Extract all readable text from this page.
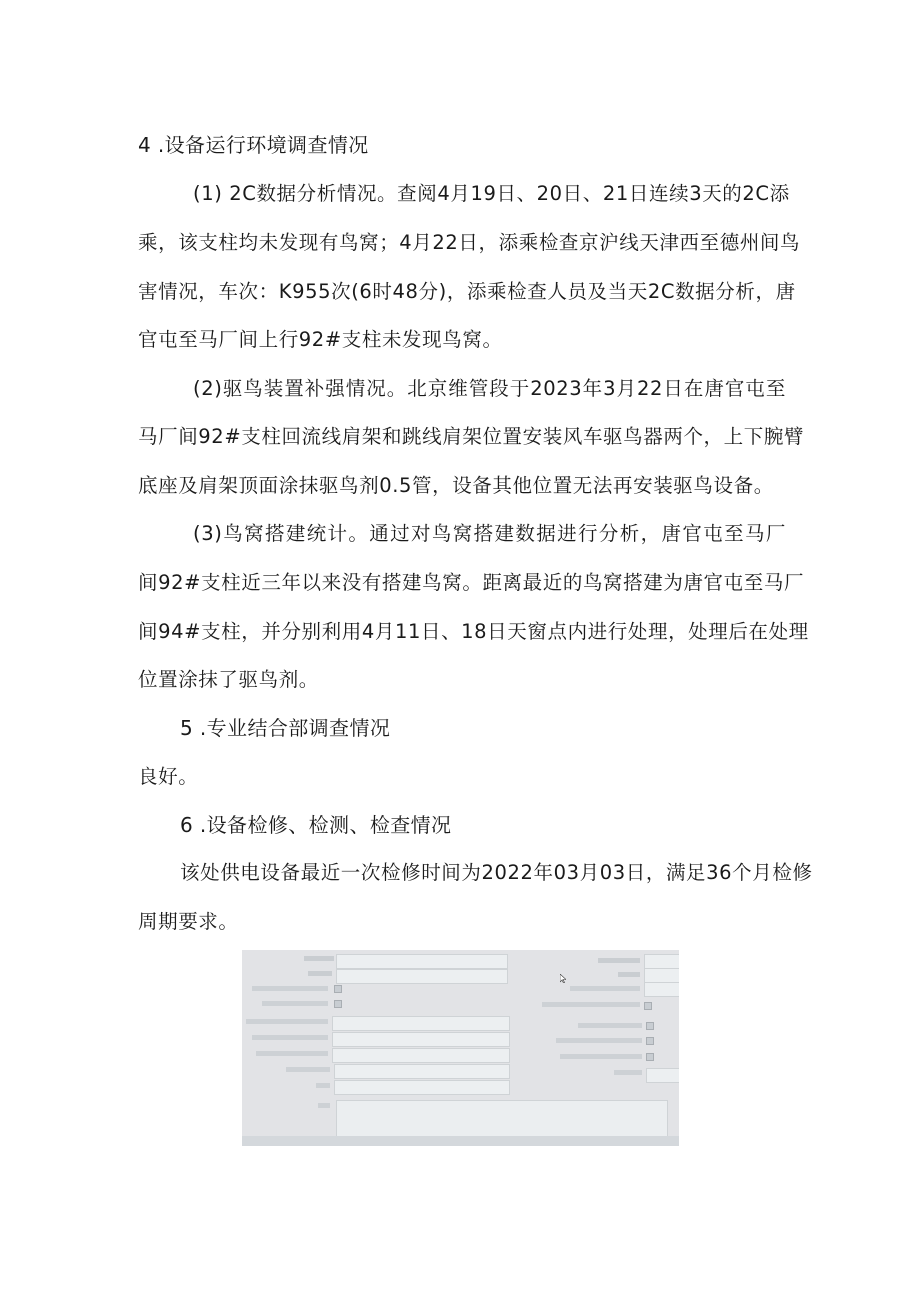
4 .设备运行环境调查情况
(1) 2C数据分析情况。查阅4月19日、20日、21日连续3天的2C添
乘，该支柱均未发现有鸟窝；4月22日，添乘检查京沪线天津西至德州间鸟
害情况，车次：K955次(6时48分)，添乘检查人员及当天2C数据分析，唐
官屯至马厂间上行92#支柱未发现鸟窝。
(2)驱鸟装置补强情况。北京维管段于2023年3月22日在唐官屯至
马厂间92#支柱回流线肩架和跳线肩架位置安装风车驱鸟器两个，上下腕臂
底座及肩架顶面涂抹驱鸟剂0.5管，设备其他位置无法再安装驱鸟设备。
(3)鸟窝搭建统计。通过对鸟窝搭建数据进行分析，唐官屯至马厂
间92#支柱近三年以来没有搭建鸟窝。距离最近的鸟窝搭建为唐官屯至马厂
间94#支柱，并分别利用4月11日、18日天窗点内进行处理，处理后在处理
位置涂抹了驱鸟剂。
5 .专业结合部调查情况
良好。
6 .设备检修、检测、检查情况
该处供电设备最近一次检修时间为2022年03月03日，满足36个月检修
周期要求。
